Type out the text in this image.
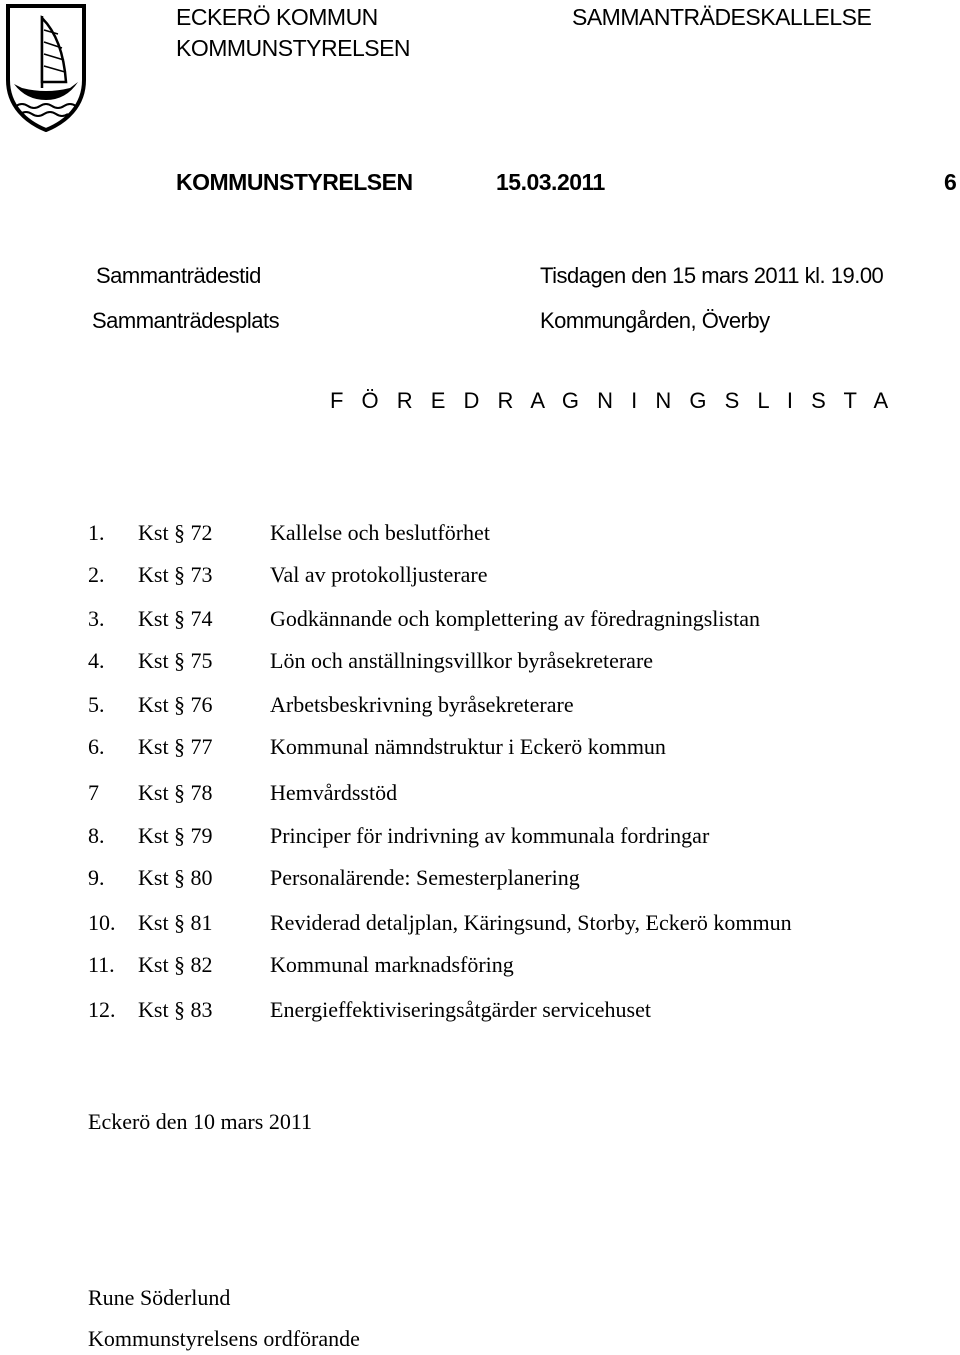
ECKERÖ KOMMUN
KOMMUNSTYRELSEN
SAMMANTRÄDESKALLELSE
KOMMUNSTYRELSEN	15.03.2011	6
Sammanträdestid	Tisdagen den 15 mars 2011 kl. 19.00
Sammanträdesplats	Kommungården, Överby
F Ö R E D R A G N I N G S L I S T A
1. Kst § 72	Kallelse och beslutförhet
2. Kst § 73	Val av protokolljusterare
3. Kst § 74	Godkännande och komplettering av föredragningslistan
4. Kst § 75	Lön och anställningsvillkor byråsekreterare
5. Kst § 76	Arbetsbeskrivning byråsekreterare
6. Kst § 77	Kommunal nämndstruktur i Eckerö kommun
7 Kst § 78	Hemvårdsstöd
8. Kst § 79	Principer för indrivning av kommunala fordringar
9. Kst § 80	Personalärende: Semesterplanering
10. Kst § 81	Reviderad detaljplan, Käringsund, Storby, Eckerö kommun
11. Kst § 82	Kommunal marknadsföring
12. Kst § 83	Energieffektiviseringsåtgärder servicehuset
Eckerö den 10 mars 2011
Rune Söderlund
Kommunstyrelsens ordförande
